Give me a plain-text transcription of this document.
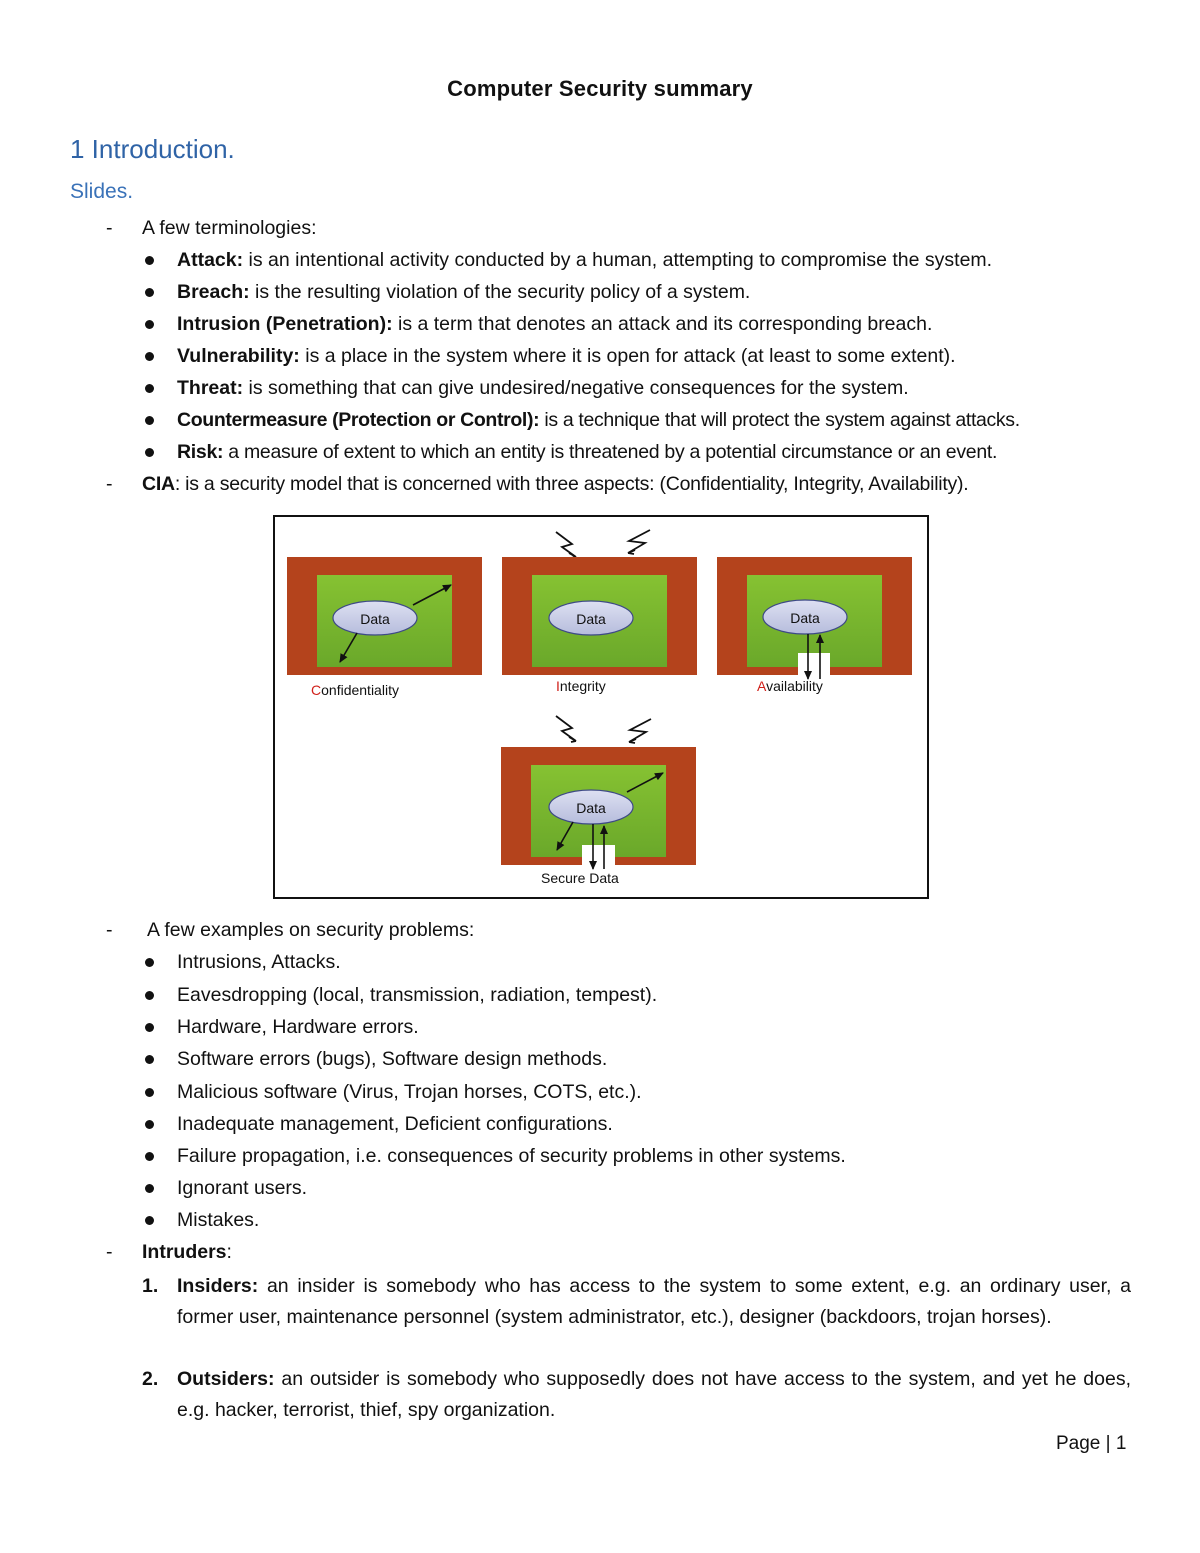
Computer Security summary
1 Introduction.
Slides.
- A few terminologies:
Attack: is an intentional activity conducted by a human, attempting to compromise the system.
Breach: is the resulting violation of the security policy of a system.
Intrusion (Penetration): is a term that denotes an attack and its corresponding breach.
Vulnerability: is a place in the system where it is open for attack (at least to some extent).
Threat: is something that can give undesired/negative consequences for the system.
Countermeasure (Protection or Control): is a technique that will protect the system against attacks.
Risk: a measure of extent to which an entity is threatened by a potential circumstance or an event.
- CIA: is a security model that is concerned with three aspects: (Confidentiality, Integrity, Availability).
Data
Confidentiality
Data
Integrity
Data
Availability
Data
Secure Data
- A few examples on security problems:
Intrusions, Attacks.
Eavesdropping (local, transmission, radiation, tempest).
Hardware, Hardware errors.
Software errors (bugs), Software design methods.
Malicious software (Virus, Trojan horses, COTS, etc.).
Inadequate management, Deficient configurations.
Failure propagation, i.e. consequences of security problems in other systems.
Ignorant users.
Mistakes.
- Intruders:
1. Insiders: an insider is somebody who has access to the system to some extent, e.g. an ordinary user, a former user, maintenance personnel (system administrator, etc.), designer (backdoors, trojan horses).
2. Outsiders: an outsider is somebody who supposedly does not have access to the system, and yet he does, e.g. hacker, terrorist, thief, spy organization.
Page | 1
